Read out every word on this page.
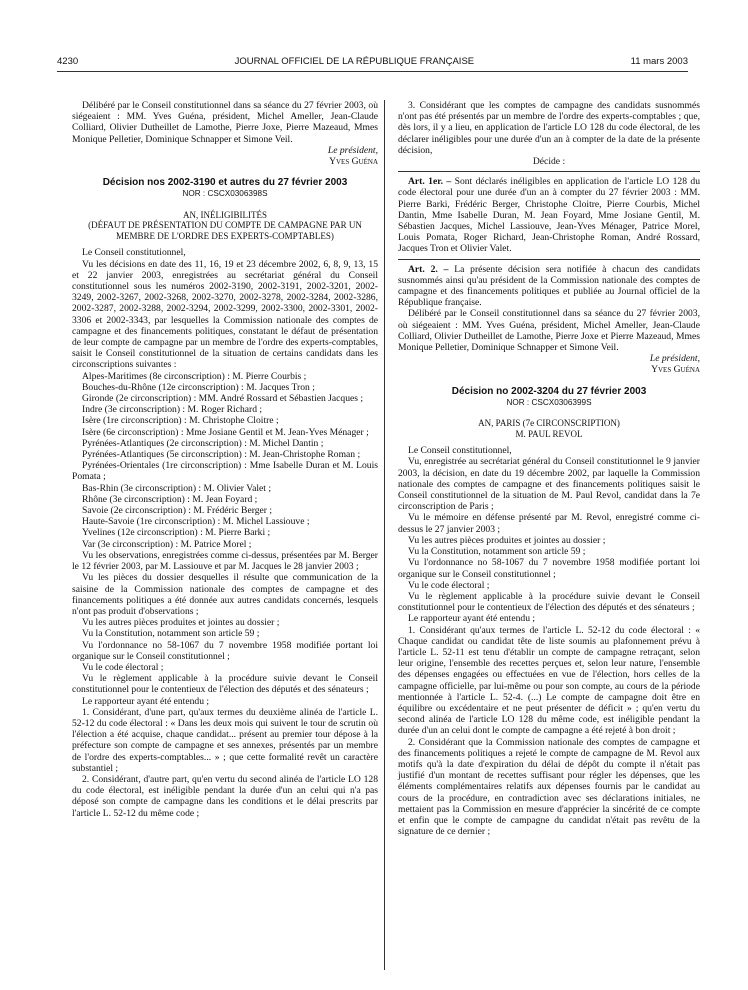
4230	JOURNAL OFFICIEL DE LA RÉPUBLIQUE FRANÇAISE	11 mars 2003

Délibéré par le Conseil constitutionnel dans sa séance du 27 février 2003, où siégeaient : MM. Yves Guéna, président, Michel Ameller, Jean-Claude Colliard, Olivier Dutheillet de Lamothe, Pierre Joxe, Pierre Mazeaud, Mmes Monique Pelletier, Dominique Schnapper et Simone Veil.

Le président,

Yves Guéna

Décision nos 2002-3190 et autres du 27 février 2003
NOR : CSCX0306398S
AN, INÉLIGIBILITÉS
(DÉFAUT DE PRÉSENTATION DU COMPTE DE CAMPAGNE PAR UN MEMBRE DE L'ORDRE DES EXPERTS-COMPTABLES)

Le Conseil constitutionnel,

Vu les décisions en date des 11, 16, 19 et 23 décembre 2002, 6, 8, 9, 13, 15 et 22 janvier 2003, enregistrées au secrétariat général du Conseil constitutionnel sous les numéros 2002-3190, 2002-3191, 2002-3201, 2002-3249, 2002-3267, 2002-3268, 2002-3270, 2002-3278, 2002-3284, 2002-3286, 2002-3287, 2002-3288, 2002-3294, 2002-3299, 2002-3300, 2002-3301, 2002-3306 et 2002-3343, par lesquelles la Commission nationale des comptes de campagne et des financements politiques, constatant le défaut de présentation de leur compte de campagne par un membre de l'ordre des experts-comptables, saisit le Conseil constitutionnel de la situation de certains candidats dans les circonscriptions suivantes :

Alpes-Maritimes (8e circonscription) : M. Pierre Courbis ;

Bouches-du-Rhône (12e circonscription) : M. Jacques Tron ;

Gironde (2e circonscription) : MM. André Rossard et Sébastien Jacques ;

Indre (3e circonscription) : M. Roger Richard ;

Isère (1re circonscription) : M. Christophe Cloitre ;

Isère (6e circonscription) : Mme Josiane Gentil et M. Jean-Yves Ménager ;

Pyrénées-Atlantiques (2e circonscription) : M. Michel Dantin ;

Pyrénées-Atlantiques (5e circonscription) : M. Jean-Christophe Roman ;

Pyrénées-Orientales (1re circonscription) : Mme Isabelle Duran et M. Louis Pomata ;

Bas-Rhin (3e circonscription) : M. Olivier Valet ;

Rhône (3e circonscription) : M. Jean Foyard ;

Savoie (2e circonscription) : M. Frédéric Berger ;

Haute-Savoie (1re circonscription) : M. Michel Lassiouve ;

Yvelines (12e circonscription) : M. Pierre Barki ;

Var (3e circonscription) : M. Patrice Morel ;

Vu les observations, enregistrées comme ci-dessus, présentées par M. Berger le 12 février 2003, par M. Lassiouve et par M. Jacques le 28 janvier 2003 ;

Vu les pièces du dossier desquelles il résulte que communication de la saisine de la Commission nationale des comptes de campagne et des financements politiques a été donnée aux autres candidats concernés, lesquels n'ont pas produit d'observations ;

Vu les autres pièces produites et jointes au dossier ;

Vu la Constitution, notamment son article 59 ;

Vu l'ordonnance no 58-1067 du 7 novembre 1958 modifiée portant loi organique sur le Conseil constitutionnel ;

Vu le code électoral ;

Vu le règlement applicable à la procédure suivie devant le Conseil constitutionnel pour le contentieux de l'élection des députés et des sénateurs ;

Le rapporteur ayant été entendu ;

1. Considérant, d'une part, qu'aux termes du deuxième alinéa de l'article L. 52-12 du code électoral : « Dans les deux mois qui suivent le tour de scrutin où l'élection a été acquise, chaque candidat... présent au premier tour dépose à la préfecture son compte de campagne et ses annexes, présentés par un membre de l'ordre des experts-comptables... » ; que cette formalité revêt un caractère substantiel ;

2. Considérant, d'autre part, qu'en vertu du second alinéa de l'article LO 128 du code électoral, est inéligible pendant la durée d'un an celui qui n'a pas déposé son compte de campagne dans les conditions et le délai prescrits par l'article L. 52-12 du même code ;

3. Considérant que les comptes de campagne des candidats susnommés n'ont pas été présentés par un membre de l'ordre des experts-comptables ; que, dès lors, il y a lieu, en application de l'article LO 128 du code électoral, de les déclarer inéligibles pour une durée d'un an à compter de la date de la présente décision,

Décide :

Art. 1er. – Sont déclarés inéligibles en application de l'article LO 128 du code électoral pour une durée d'un an à compter du 27 février 2003 : MM. Pierre Barki, Frédéric Berger, Christophe Cloitre, Pierre Courbis, Michel Dantin, Mme Isabelle Duran, M. Jean Foyard, Mme Josiane Gentil, M. Sébastien Jacques, Michel Lassiouve, Jean-Yves Ménager, Patrice Morel, Louis Pomata, Roger Richard, Jean-Christophe Roman, André Rossard, Jacques Tron et Olivier Valet.

Art. 2. – La présente décision sera notifiée à chacun des candidats susnommés ainsi qu'au président de la Commission nationale des comptes de campagne et des financements politiques et publiée au Journal officiel de la République française.

Délibéré par le Conseil constitutionnel dans sa séance du 27 février 2003, où siégeaient : MM. Yves Guéna, président, Michel Ameller, Jean-Claude Colliard, Olivier Dutheillet de Lamothe, Pierre Joxe et Pierre Mazeaud, Mmes Monique Pelletier, Dominique Schnapper et Simone Veil.

Le président,

Yves Guéna

Décision no 2002-3204 du 27 février 2003
NOR : CSCX0306399S
AN, PARIS (7e CIRCONSCRIPTION)
M. PAUL REVOL

Le Conseil constitutionnel,

Vu, enregistrée au secrétariat général du Conseil constitutionnel le 9 janvier 2003, la décision, en date du 19 décembre 2002, par laquelle la Commission nationale des comptes de campagne et des financements politiques saisit le Conseil constitutionnel de la situation de M. Paul Revol, candidat dans la 7e circonscription de Paris ;

Vu le mémoire en défense présenté par M. Revol, enregistré comme ci-dessus le 27 janvier 2003 ;

Vu les autres pièces produites et jointes au dossier ;

Vu la Constitution, notamment son article 59 ;

Vu l'ordonnance no 58-1067 du 7 novembre 1958 modifiée portant loi organique sur le Conseil constitutionnel ;

Vu le code électoral ;

Vu le règlement applicable à la procédure suivie devant le Conseil constitutionnel pour le contentieux de l'élection des députés et des sénateurs ;

Le rapporteur ayant été entendu ;

1. Considérant qu'aux termes de l'article L. 52-12 du code électoral : « Chaque candidat ou candidat tête de liste soumis au plafonnement prévu à l'article L. 52-11 est tenu d'établir un compte de campagne retraçant, selon leur origine, l'ensemble des recettes perçues et, selon leur nature, l'ensemble des dépenses engagées ou effectuées en vue de l'élection, hors celles de la campagne officielle, par lui-même ou pour son compte, au cours de la période mentionnée à l'article L. 52-4. (...) Le compte de campagne doit être en équilibre ou excédentaire et ne peut présenter de déficit » ; qu'en vertu du second alinéa de l'article LO 128 du même code, est inéligible pendant la durée d'un an celui dont le compte de campagne a été rejeté à bon droit ;

2. Considérant que la Commission nationale des comptes de campagne et des financements politiques a rejeté le compte de campagne de M. Revol aux motifs qu'à la date d'expiration du délai de dépôt du compte il n'était pas justifié d'un montant de recettes suffisant pour régler les dépenses, que les éléments complémentaires relatifs aux dépenses fournis par le candidat au cours de la procédure, en contradiction avec ses déclarations initiales, ne mettaient pas la Commission en mesure d'apprécier la sincérité de ce compte et enfin que le compte de campagne du candidat n'était pas revêtu de la signature de ce dernier ;
